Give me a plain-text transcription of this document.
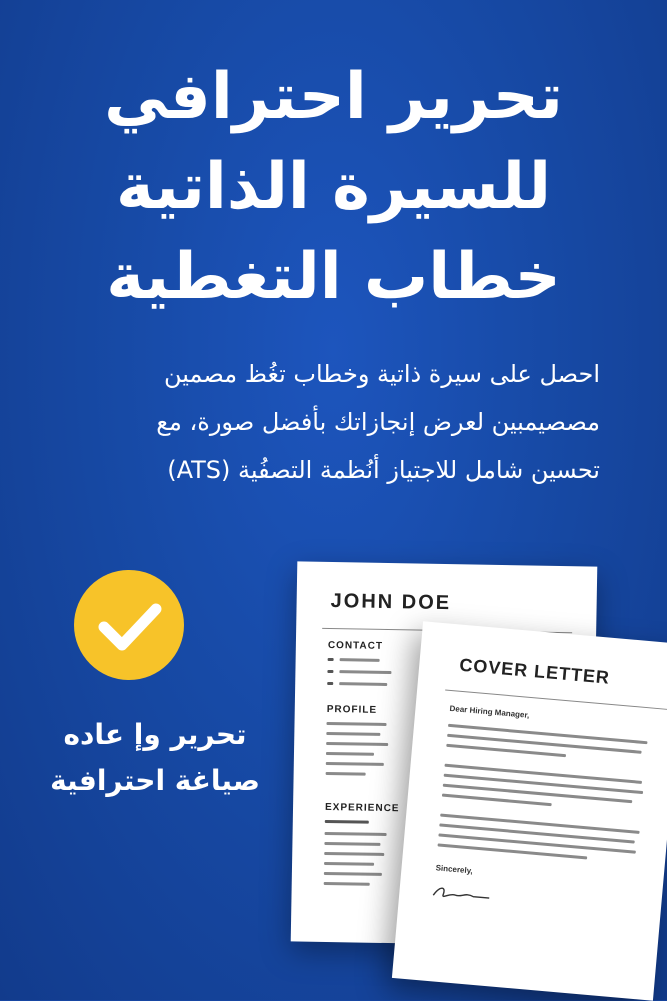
تحرير احترافي
للسيرة الذاتية
خطاب التغطية
احصل على سيرة ذاتية وخطاب تغُظ مصمين
مصصيمبين لعرض إنجازاتك بأفضل صورة، مع
تحسين شامل للاجتياز أنُظمة التصفُية (ATS)
تحرير وإ عاده
صياغة احترافية
JOHN DOE
CONTACT
PROFILE
EXPERIENCE
COVER LETTER
Dear Hiring Manager,
Sincerely,
